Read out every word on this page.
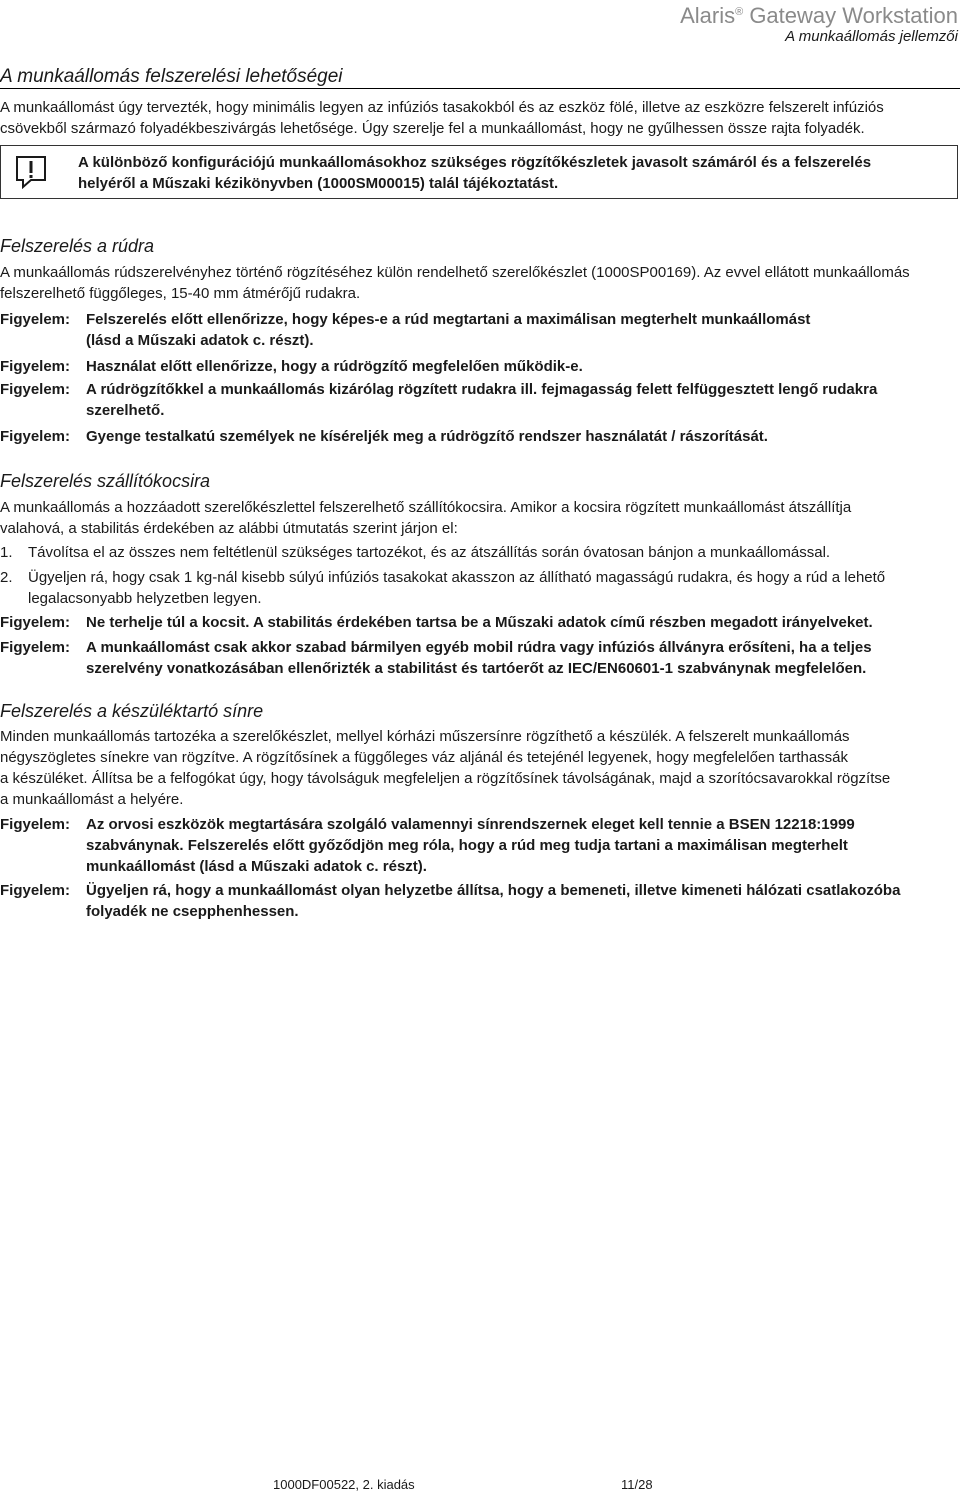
Alaris® Gateway Workstation
A munkaállomás jellemzői
A munkaállomás felszerelési lehetőségei
A munkaállomást úgy tervezték, hogy minimális legyen az infúziós tasakokból és az eszköz fölé, illetve az eszközre felszerelt infúziós
csövekből származó folyadékbeszivárgás lehetősége. Úgy szerelje fel a munkaállomást, hogy ne gyűlhessen össze rajta folyadék.
A különböző konfigurációjú munkaállomásokhoz szükséges rögzítőkészletek javasolt számáról és a felszerelés
helyéről a Műszaki kézikönyvben (1000SM00015) talál tájékoztatást.
Felszerelés a rúdra
A munkaállomás rúdszerelvényhez történő rögzítéséhez külön rendelhető szerelőkészlet (1000SP00169). Az evvel ellátott munkaállomás
felszerelhető függőleges, 15-40 mm átmérőjű rudakra.
Figyelem: Felszerelés előtt ellenőrizze, hogy képes-e a rúd megtartani a maximálisan megterhelt munkaállomást
(lásd a Műszaki adatok c. részt).
Figyelem: Használat előtt ellenőrizze, hogy a rúdrögzítő megfelelően működik-e.
Figyelem: A rúdrögzítőkkel a munkaállomás kizárólag rögzített rudakra ill. fejmagasság felett felfüggesztett lengő rudakra
szerelhető.
Figyelem: Gyenge testalkatú személyek ne kíséreljék meg a rúdrögzítő rendszer használatát / rászorítását.
Felszerelés szállítókocsira
A munkaállomás a hozzáadott szerelőkészlettel felszerelhető szállítókocsira. Amikor a kocsira rögzített munkaállomást átszállítja
valahová, a stabilitás érdekében az alábbi útmutatás szerint járjon el:
1. Távolítsa el az összes nem feltétlenül szükséges tartozékot, és az átszállítás során óvatosan bánjon a munkaállomással.
2. Ügyeljen rá, hogy csak 1 kg-nál kisebb súlyú infúziós tasakokat akasszon az állítható magasságú rudakra, és hogy a rúd a lehető
legalacsonyabb helyzetben legyen.
Figyelem: Ne terhelje túl a kocsit. A stabilitás érdekében tartsa be a Műszaki adatok című részben megadott irányelveket.
Figyelem: A munkaállomást csak akkor szabad bármilyen egyéb mobil rúdra vagy infúziós állványra erősíteni, ha a teljes
szerelvény vonatkozásában ellenőrizték a stabilitást és tartóerőt az IEC/EN60601-1 szabványnak megfelelően.
Felszerelés a készüléktartó sínre
Minden munkaállomás tartozéka a szerelőkészlet, mellyel kórházi műszersínre rögzíthető a készülék. A felszerelt munkaállomás
négyszögletes sínekre van rögzítve. A rögzítősínek a függőleges váz aljánál és tetejénél legyenek, hogy megfelelően tarthassák
a készüléket. Állítsa be a felfogókat úgy, hogy távolságuk megfeleljen a rögzítősínek távolságának, majd a szorítócsavarokkal rögzítse
a munkaállomást a helyére.
Figyelem: Az orvosi eszközök megtartására szolgáló valamennyi sínrendszernek eleget kell tennie a BSEN 12218:1999
szabványnak. Felszerelés előtt győződjön meg róla, hogy a rúd meg tudja tartani a maximálisan megterhelt
munkaállomást (lásd a Műszaki adatok c. részt).
Figyelem: Ügyeljen rá, hogy a munkaállomást olyan helyzetbe állítsa, hogy a bemeneti, illetve kimeneti hálózati csatlakozóba
folyadék ne csepphenhessen.
1000DF00522, 2. kiadás	11/28
